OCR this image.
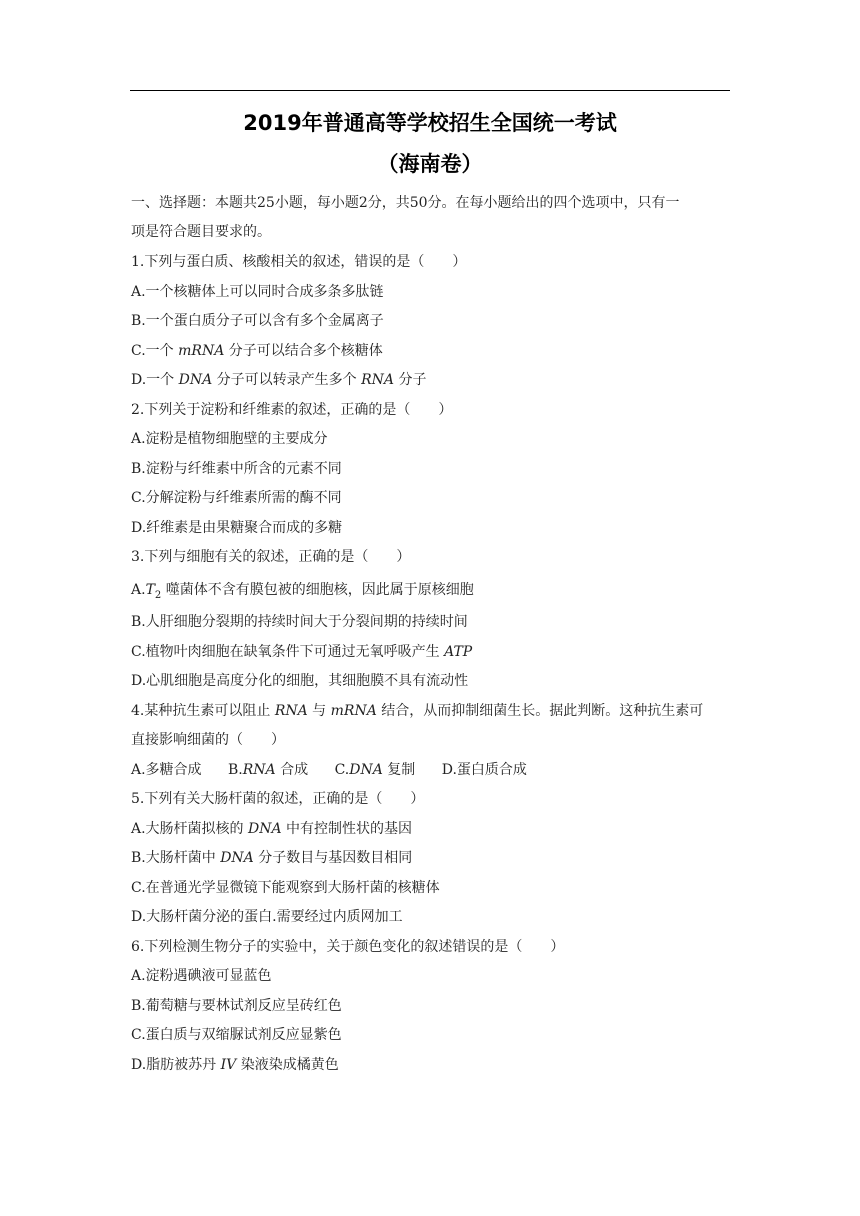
2019年普通高等学校招生全国统一考试
（海南卷）
一、选择题：本题共25小题，每小题2分，共50分。在每小题给出的四个选项中，只有一
项是符合题目要求的。
1.下列与蛋白质、核酸相关的叙述，错误的是（　　）
A.一个核糖体上可以同时合成多条多肽链
B.一个蛋白质分子可以含有多个金属离子
C.一个 mRNA 分子可以结合多个核糖体
D.一个 DNA 分子可以转录产生多个 RNA 分子
2.下列关于淀粉和纤维素的叙述，正确的是（　　）
A.淀粉是植物细胞壁的主要成分
B.淀粉与纤维素中所含的元素不同
C.分解淀粉与纤维素所需的酶不同
D.纤维素是由果糖聚合而成的多糖
3.下列与细胞有关的叙述，正确的是（　　）
$A.T_2$ 噬菌体不含有膜包被的细胞核，因此属于原核细胞
B.人肝细胞分裂期的持续时间大于分裂间期的持续时间
C.植物叶肉细胞在缺氧条件下可通过无氧呼吸产生 ATP
D.心肌细胞是高度分化的细胞，其细胞膜不具有流动性
4.某种抗生素可以阻止 RNA 与 mRNA 结合，从而抑制细菌生长。据此判断。这种抗生素可
直接影响细菌的（　　）
A.多糖合成 B.RNA 合成 C.DNA 复制 D.蛋白质合成
5.下列有关大肠杆菌的叙述，正确的是（　　）
A.大肠杆菌拟核的 DNA 中有控制性状的基因
B.大肠杆菌中 DNA 分子数目与基因数目相同
C.在普通光学显微镜下能观察到大肠杆菌的核糖体
D.大肠杆菌分泌的蛋白.需要经过内质网加工
6.下列检测生物分子的实验中，关于颜色变化的叙述错误的是（　　）
A.淀粉遇碘液可显蓝色
B.葡萄糖与要林试剂反应呈砖红色
C.蛋白质与双缩脲试剂反应显紫色
D.脂肪被苏丹 IV 染液染成橘黄色
